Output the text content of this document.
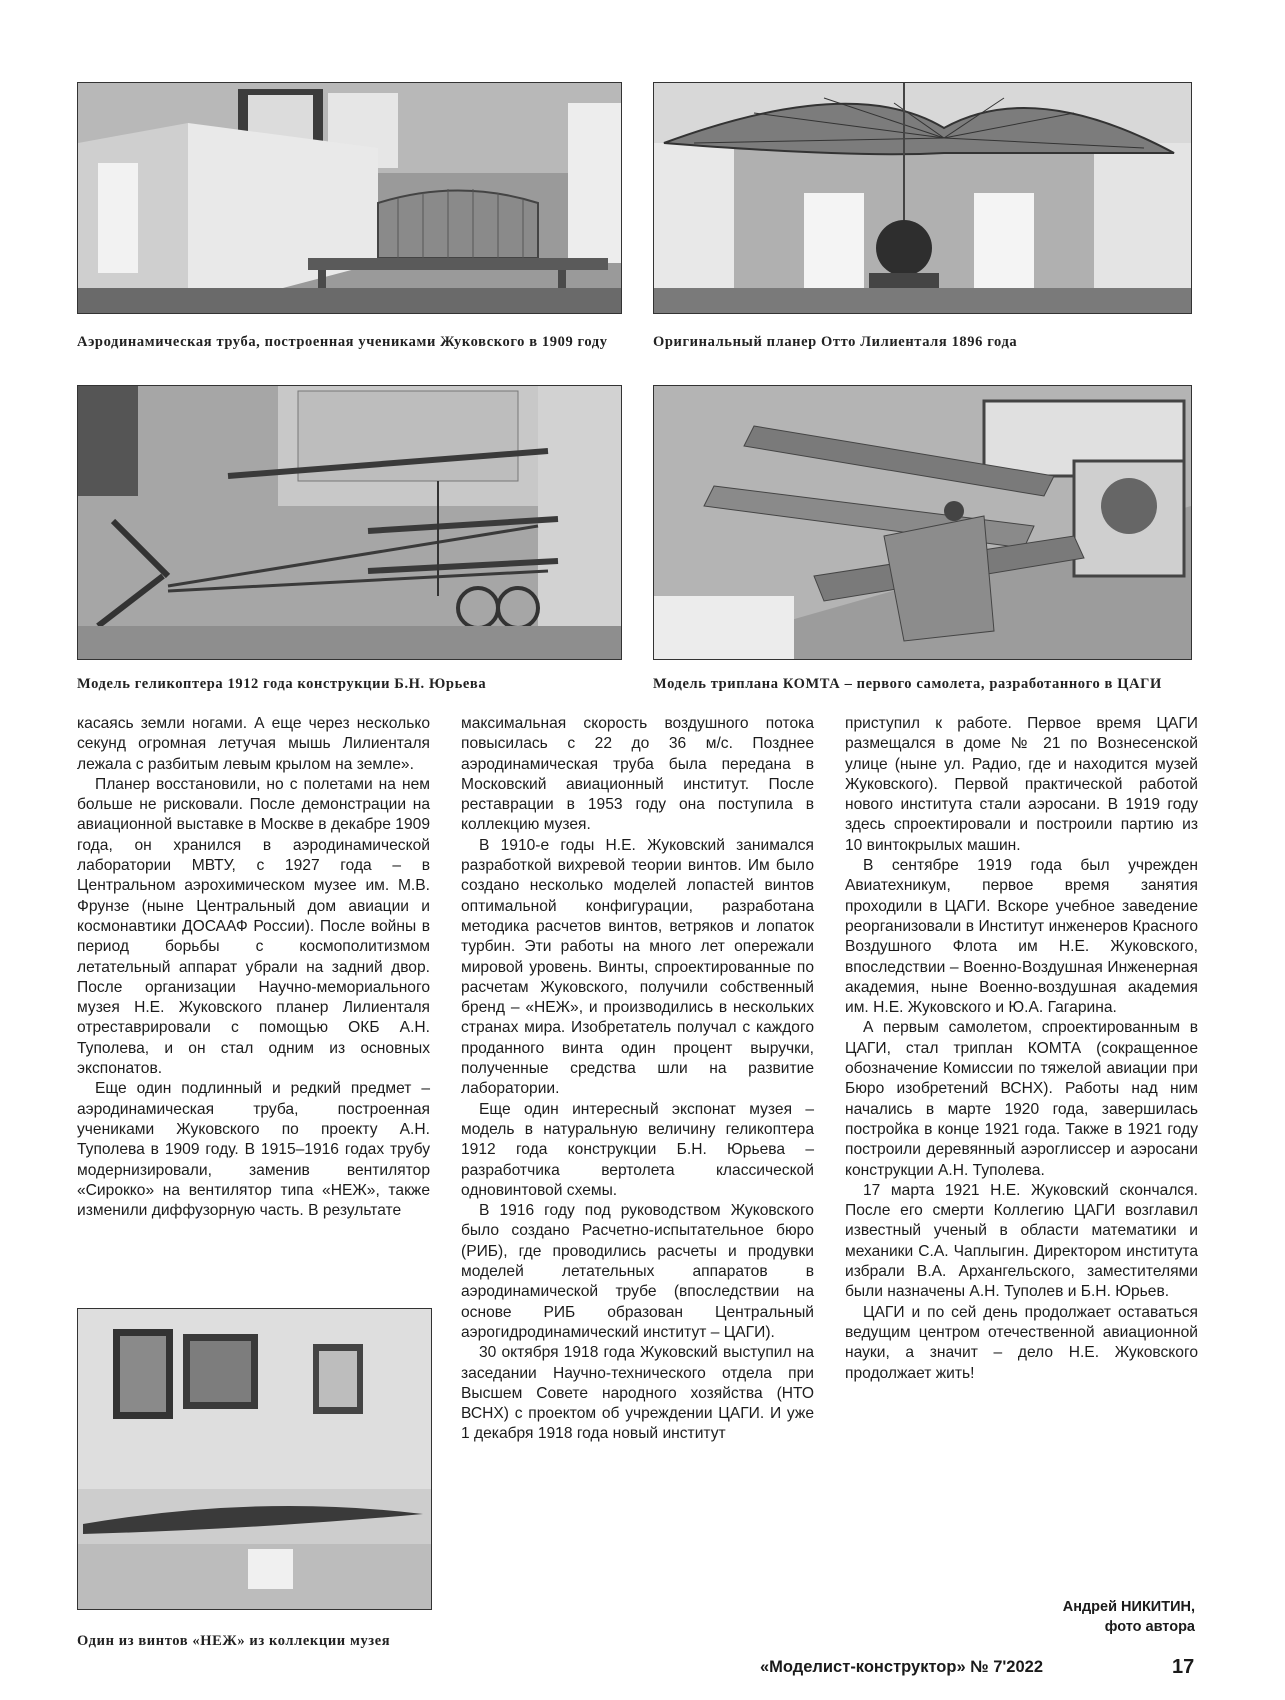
Аэродинамическая труба, построенная учениками Жуковского в 1909 году	Оригинальный планер Отто Лилиенталя 1896 года
Модель геликоптера 1912 года конструкции Б.Н. Юрьева	Модель триплана КОМТА – первого самолета, разработанного в ЦАГИ

касаясь земли ногами. А еще через несколько секунд огромная летучая мышь Лилиенталя лежала с разбитым левым крылом на земле».

Планер восстановили, но с полетами на нем больше не рисковали. После демонстрации на авиационной выставке в Москве в декабре 1909 года, он хранился в аэродинамической лаборатории МВТУ, с 1927 года – в Центральном аэрохимическом музее им. М.В. Фрунзе (ныне Центральный дом авиации и космонавтики ДОСААФ России). После войны в период борьбы с космополитизмом летательный аппарат убрали на задний двор. После организации Научно-мемориального музея Н.Е. Жуковского планер Лилиенталя отреставрировали с помощью ОКБ А.Н. Туполева, и он стал одним из основных экспонатов.

Еще один подлинный и редкий предмет – аэродинамическая труба, построенная учениками Жуковского по проекту А.Н. Туполева в 1909 году. В 1915–1916 годах трубу модернизировали, заменив вентилятор «Сирокко» на вентилятор типа «НЕЖ», также изменили диффузорную часть. В результате

Один из винтов «НЕЖ» из коллекции музея

максимальная скорость воздушного потока повысилась с 22 до 36 м/с. Позднее аэродинамическая труба была передана в Московский авиационный институт. После реставрации в 1953 году она поступила в коллекцию музея.

В 1910-е годы Н.Е. Жуковский занимался разработкой вихревой теории винтов. Им было создано несколько моделей лопастей винтов оптимальной конфигурации, разработана методика расчетов винтов, ветряков и лопаток турбин. Эти работы на много лет опережали мировой уровень. Винты, спроектированные по расчетам Жуковского, получили собственный бренд – «НЕЖ», и производились в нескольких странах мира. Изобретатель получал с каждого проданного винта один процент выручки, полученные средства шли на развитие лаборатории.

Еще один интересный экспонат музея – модель в натуральную величину геликоптера 1912 года конструкции Б.Н. Юрьева – разработчика вертолета классической одновинтовой схемы.

В 1916 году под руководством Жуковского было создано Расчетно-испытательное бюро (РИБ), где проводились расчеты и продувки моделей летательных аппаратов в аэродинамической трубе (впоследствии на основе РИБ образован Центральный аэрогидродинамический институт – ЦАГИ).

30 октября 1918 года Жуковский выступил на заседании Научно-технического отдела при Высшем Совете народного хозяйства (НТО ВСНХ) с проектом об учреждении ЦАГИ. И уже 1 декабря 1918 года новый институт

приступил к работе. Первое время ЦАГИ размещался в доме № 21 по Вознесенской улице (ныне ул. Радио, где и находится музей Жуковского). Первой практической работой нового института стали аэросани. В 1919 году здесь спроектировали и построили партию из 10 винтокрылых машин.

В сентябре 1919 года был учрежден Авиатехникум, первое время занятия проходили в ЦАГИ. Вскоре учебное заведение реорганизовали в Институт инженеров Красного Воздушного Флота им Н.Е. Жуковского, впоследствии – Военно-Воздушная Инженерная академия, ныне Военно-воздушная академия им. Н.Е. Жуковского и Ю.А. Гагарина.

А первым самолетом, спроектированным в ЦАГИ, стал триплан КОМТА (сокращенное обозначение Комиссии по тяжелой авиации при Бюро изобретений ВСНХ). Работы над ним начались в марте 1920 года, завершилась постройка в конце 1921 года. Также в 1921 году построили деревянный аэроглиссер и аэросани конструкции А.Н. Туполева.

17 марта 1921 Н.Е. Жуковский скончался. После его смерти Коллегию ЦАГИ возглавил известный ученый в области математики и механики С.А. Чаплыгин. Директором института избрали В.А. Архангельского, заместителями были назначены А.Н. Туполев и Б.Н. Юрьев.

ЦАГИ и по сей день продолжает оставаться ведущим центром отечественной авиационной науки, а значит – дело Н.Е. Жуковского продолжает жить!

Андрей НИКИТИН,
фото автора
«Моделист-конструктор» № 7'2022	17
